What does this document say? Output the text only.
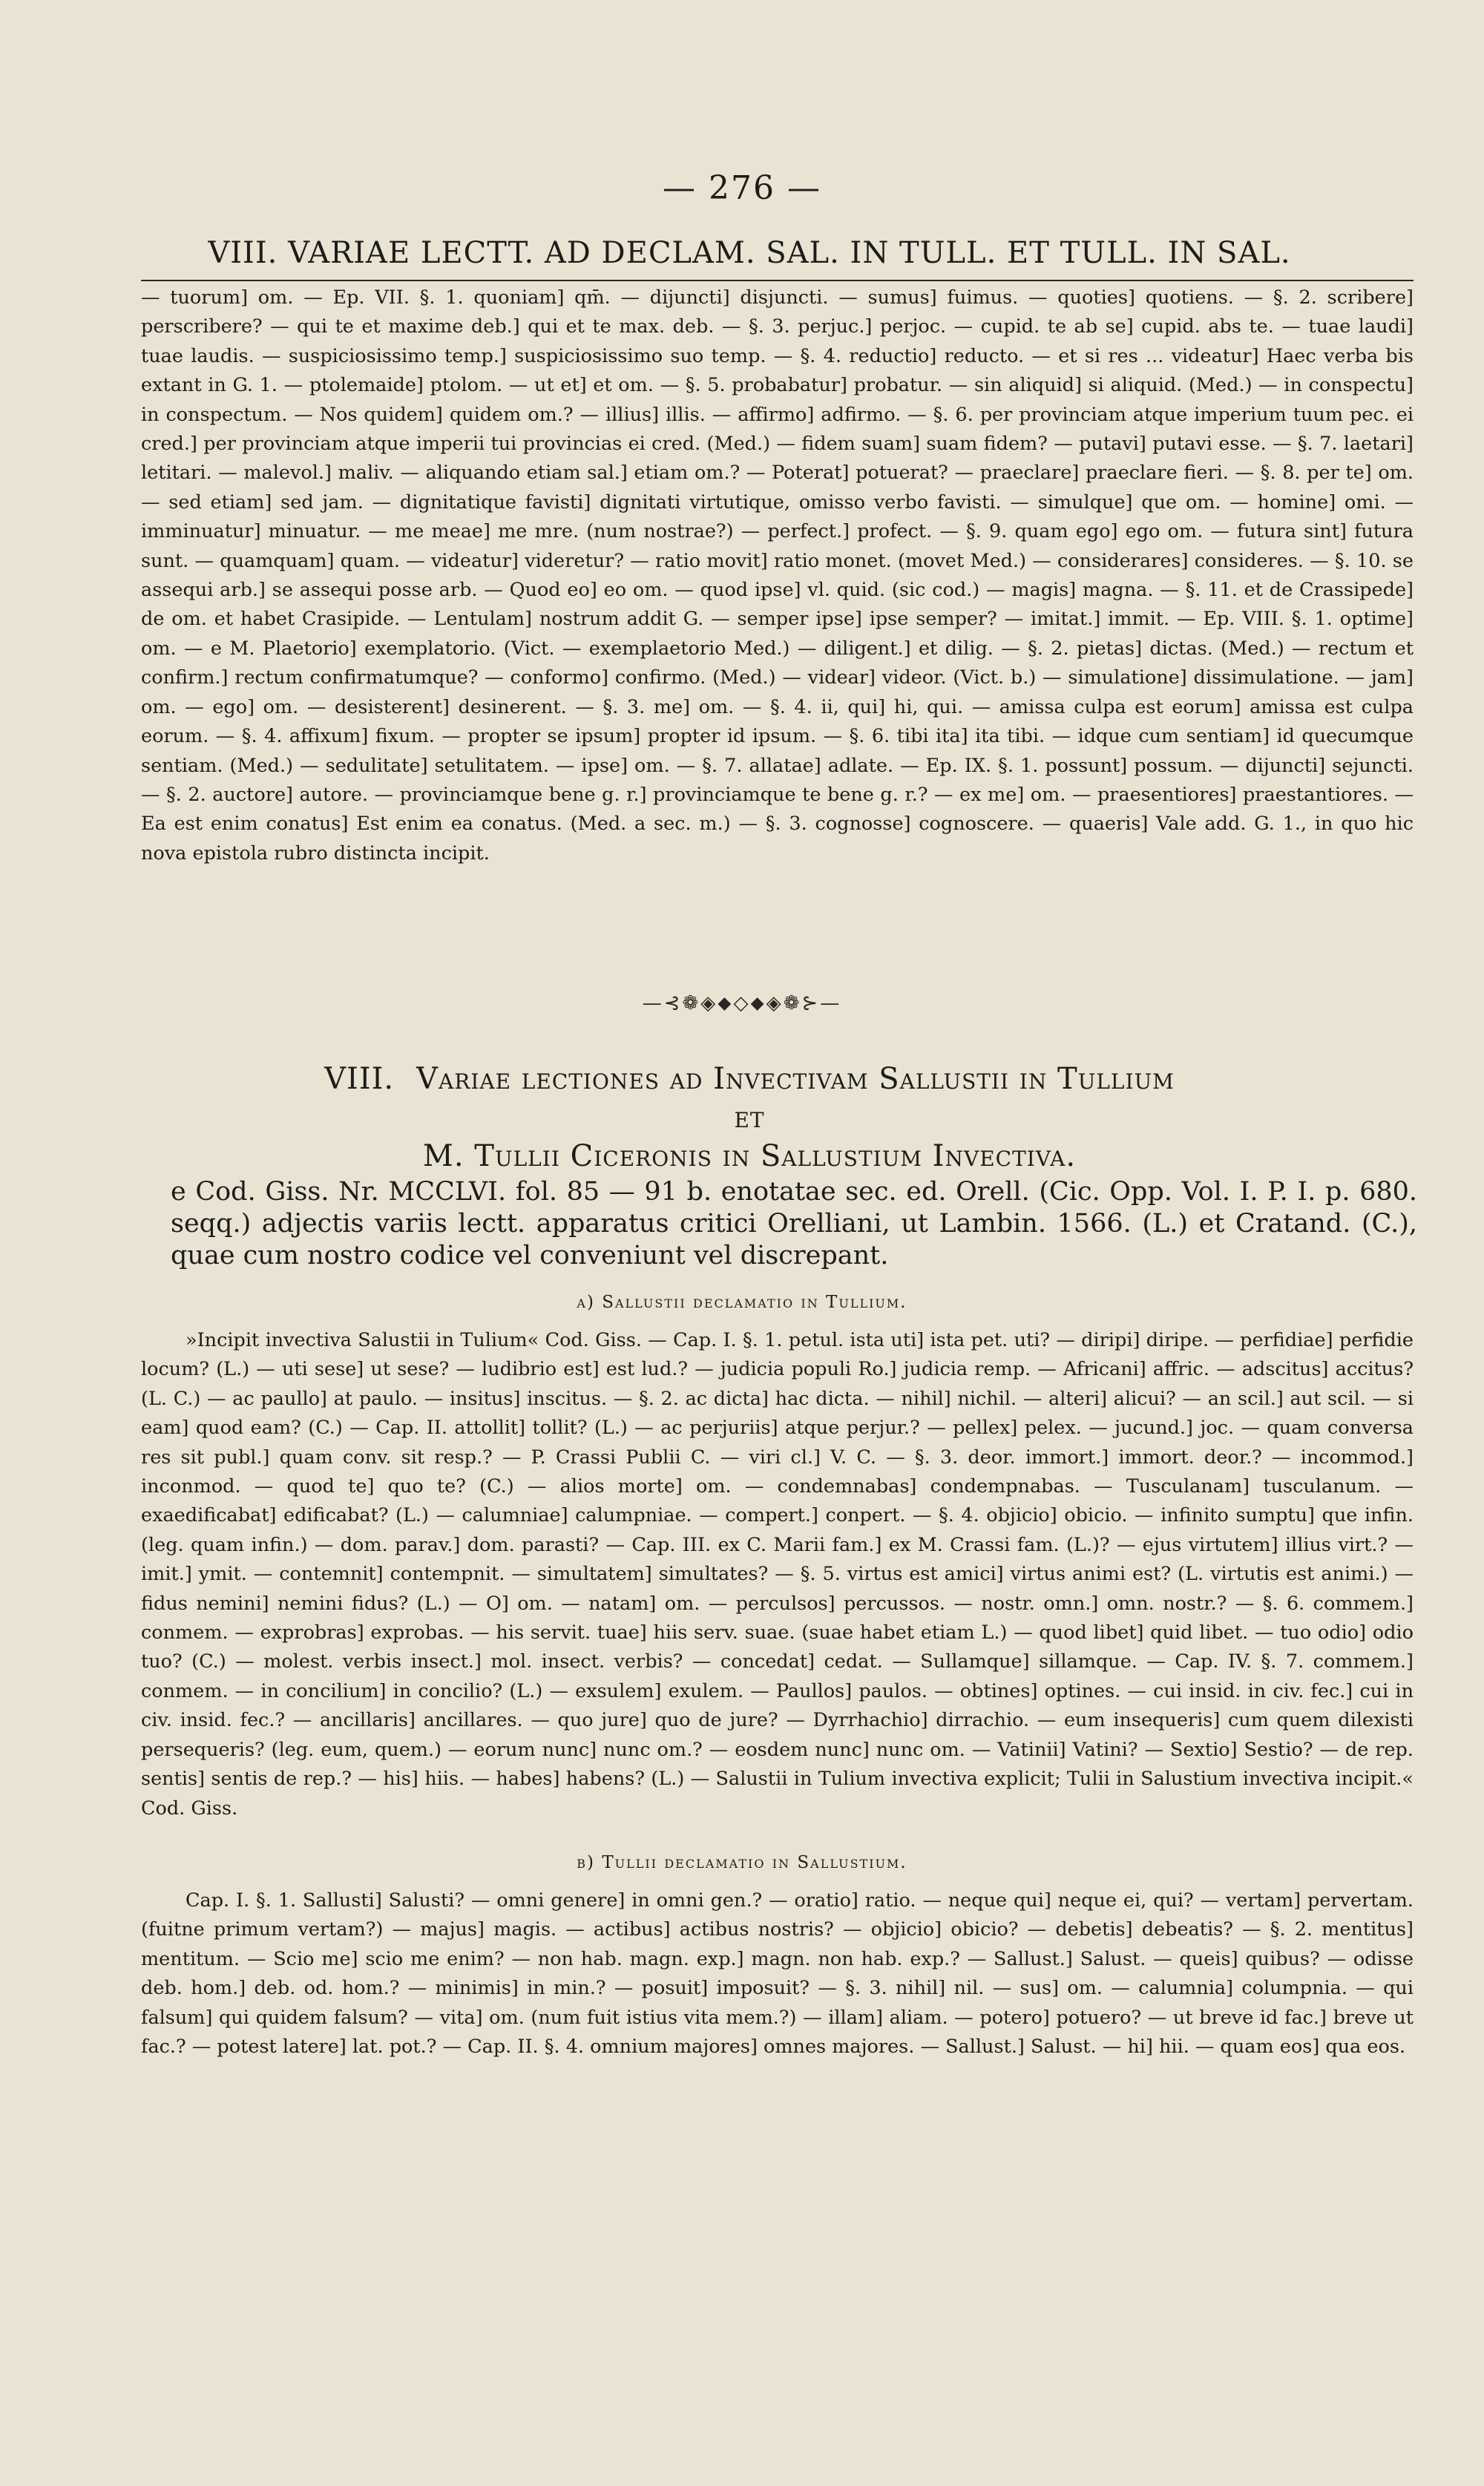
— 276 —
VIII. VARIAE LECTT. AD DECLAM. SAL. IN TULL. ET TULL. IN SAL.

— tuorum] om. — Ep. VII. §. 1. quoniam] qm̄. — dijuncti] disjuncti. — sumus] fuimus. — quoties] quotiens. — §. 2. scribere] perscribere? — qui te et maxime deb.] qui et te max. deb. — §. 3. perjuc.] perjoc. — cupid. te ab se] cupid. abs te. — tuae laudi] tuae laudis. — suspiciosissimo temp.] suspiciosissimo suo temp. — §. 4. reductio] reducto. — et si res ... videatur] Haec verba bis extant in G. 1. — ptolemaide] ptolom. — ut et] et om. — §. 5. probabatur] probatur. — sin aliquid] si aliquid. (Med.) — in conspectu] in conspectum. — Nos quidem] quidem om.? — illius] illis. — affirmo] adfirmo. — §. 6. per provinciam atque imperium tuum pec. ei cred.] per provinciam atque imperii tui provincias ei cred. (Med.) — fidem suam] suam fidem? — putavi] putavi esse. — §. 7. laetari] letitari. — malevol.] maliv. — aliquando etiam sal.] etiam om.? — Poterat] potuerat? — praeclare] praeclare fieri. — §. 8. per te] om. — sed etiam] sed jam. — dignitatique favisti] dignitati virtutique, omisso verbo favisti. — simulque] que om. — homine] omi. — imminuatur] minuatur. — me meae] me mre. (num nostrae?) — perfect.] profect. — §. 9. quam ego] ego om. — futura sint] futura sunt. — quamquam] quam. — videatur] videretur? — ratio movit] ratio monet. (movet Med.) — considerares] consideres. — §. 10. se assequi arb.] se assequi posse arb. — Quod eo] eo om. — quod ipse] vl. quid. (sic cod.) — magis] magna. — §. 11. et de Crassipede] de om. et habet Crasipide. — Lentulam] nostrum addit G. — semper ipse] ipse semper? — imitat.] immit. — Ep. VIII. §. 1. optime] om. — e M. Plaetorio] exemplatorio. (Vict. — exemplaetorio Med.) — diligent.] et dilig. — §. 2. pietas] dictas. (Med.) — rectum et confirm.] rectum confirmatumque? — conformo] confirmo. (Med.) — videar] videor. (Vict. b.) — simulatione] dissimulatione. — jam] om. — ego] om. — desisterent] desinerent. — §. 3. me] om. — §. 4. ii, qui] hi, qui. — amissa culpa est eorum] amissa est culpa eorum. — §. 4. affixum] fixum. — propter se ipsum] propter id ipsum. — §. 6. tibi ita] ita tibi. — idque cum sentiam] id quecumque sentiam. (Med.) — sedulitate] setulitatem. — ipse] om. — §. 7. allatae] adlate. — Ep. IX. §. 1. possunt] possum. — dijuncti] sejuncti. — §. 2. auctore] autore. — provinciamque bene g. r.] provinciamque te bene g. r.? — ex me] om. — praesentiores] praestantiores. — Ea est enim conatus] Est enim ea conatus. (Med. a sec. m.) — §. 3. cognosse] cognoscere. — quaeris] Vale add. G. 1., in quo hic nova epistola rubro distincta incipit.

—⊰❁◈⬥◇⬥◈❁⊱—
VIII. Variae lectiones ad Invectivam Sallustii in Tullium
et
M. Tullii Ciceronis in Sallustium Invectiva.

e Cod. Giss. Nr. MCCLVI. fol. 85 — 91 b. enotatae sec. ed. Orell. (Cic. Opp. Vol. I. P. I. p. 680. seqq.) adjectis variis lectt. apparatus critici Orelliani, ut Lambin. 1566. (L.) et Cratand. (C.), quae cum nostro codice vel conveniunt vel discrepant.

a) Sallustii declamatio in Tullium.

»Incipit invectiva Salustii in Tulium« Cod. Giss. — Cap. I. §. 1. petul. ista uti] ista pet. uti? — diripi] diripe. — perfidiae] perfidie locum? (L.) — uti sese] ut sese? — ludibrio est] est lud.? — judicia populi Ro.] judicia remp. — Africani] affric. — adscitus] accitus? (L. C.) — ac paullo] at paulo. — insitus] inscitus. — §. 2. ac dicta] hac dicta. — nihil] nichil. — alteri] alicui? — an scil.] aut scil. — si eam] quod eam? (C.) — Cap. II. attollit] tollit? (L.) — ac perjuriis] atque perjur.? — pellex] pelex. — jucund.] joc. — quam conversa res sit publ.] quam conv. sit resp.? — P. Crassi Publii C. — viri cl.] V. C. — §. 3. deor. immort.] immort. deor.? — incommod.] inconmod. — quod te] quo te? (C.) — alios morte] om. — condemnabas] condempnabas. — Tusculanam] tusculanum. — exaedificabat] edificabat? (L.) — calumniae] calumpniae. — compert.] conpert. — §. 4. objicio] obicio. — infinito sumptu] que infin. (leg. quam infin.) — dom. parav.] dom. parasti? — Cap. III. ex C. Marii fam.] ex M. Crassi fam. (L.)? — ejus virtutem] illius virt.? — imit.] ymit. — contemnit] contempnit. — simultatem] simultates? — §. 5. virtus est amici] virtus animi est? (L. virtutis est animi.) — fidus nemini] nemini fidus? (L.) — O] om. — natam] om. — perculsos] percussos. — nostr. omn.] omn. nostr.? — §. 6. commem.] conmem. — exprobras] exprobas. — his servit. tuae] hiis serv. suae. (suae habet etiam L.) — quod libet] quid libet. — tuo odio] odio tuo? (C.) — molest. verbis insect.] mol. insect. verbis? — concedat] cedat. — Sullamque] sillamque. — Cap. IV. §. 7. commem.] conmem. — in concilium] in concilio? (L.) — exsulem] exulem. — Paullos] paulos. — obtines] optines. — cui insid. in civ. fec.] cui in civ. insid. fec.? — ancillaris] ancillares. — quo jure] quo de jure? — Dyrrhachio] dirrachio. — eum insequeris] cum quem dilexisti persequeris? (leg. eum, quem.) — eorum nunc] nunc om.? — eosdem nunc] nunc om. — Vatinii] Vatini? — Sextio] Sestio? — de rep. sentis] sentis de rep.? — his] hiis. — habes] habens? (L.) — Salustii in Tulium invectiva explicit; Tulii in Salustium invectiva incipit.« Cod. Giss.

b) Tullii declamatio in Sallustium.

Cap. I. §. 1. Sallusti] Salusti? — omni genere] in omni gen.? — oratio] ratio. — neque qui] neque ei, qui? — vertam] pervertam. (fuitne primum vertam?) — majus] magis. — actibus] actibus nostris? — objicio] obicio? — debetis] debeatis? — §. 2. mentitus] mentitum. — Scio me] scio me enim? — non hab. magn. exp.] magn. non hab. exp.? — Sallust.] Salust. — queis] quibus? — odisse deb. hom.] deb. od. hom.? — minimis] in min.? — posuit] imposuit? — §. 3. nihil] nil. — sus] om. — calumnia] columpnia. — qui falsum] qui quidem falsum? — vita] om. (num fuit istius vita mem.?) — illam] aliam. — potero] potuero? — ut breve id fac.] breve ut fac.? — potest latere] lat. pot.? — Cap. II. §. 4. omnium majores] omnes majores. — Sallust.] Salust. — hi] hii. — quam eos] qua eos.
